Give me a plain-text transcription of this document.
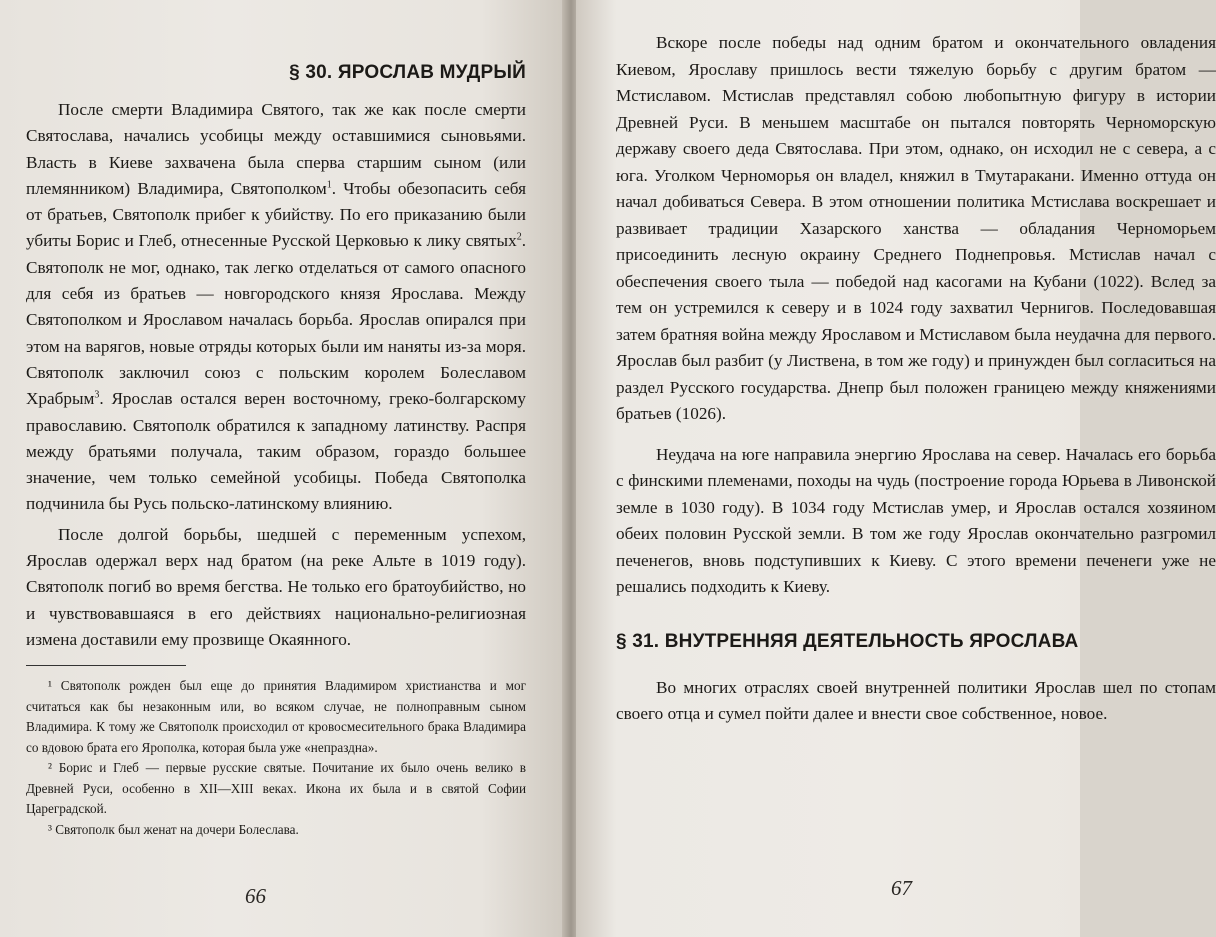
§ 30. ЯРОСЛАВ МУДРЫЙ

После смерти Владимира Святого, так же как после смерти Святослава, начались усобицы между оставшимися сыновьями. Власть в Киеве захвачена была сперва старшим сыном (или племянником) Владимира, Святополком$^1$. Чтобы обезопасить себя от братьев, Святополк прибег к убийству. По его приказанию были убиты Борис и Глеб, отнесенные Русской Церковью к лику святых$^2$. Святополк не мог, однако, так легко отделаться от самого опасного для себя из братьев — новгородского князя Ярослава. Между Святополком и Ярославом началась борьба. Ярослав опирался при этом на варягов, новые отряды которых были им наняты из-за моря. Святополк заключил союз с польским королем Болеславом Храбрым$^3$. Ярослав остался верен восточному, греко-болгарскому православию. Святополк обратился к западному латинству. Распря между братьями получала, таким образом, гораздо большее значение, чем только семейной усобицы. Победа Святополка подчинила бы Русь польско-латинскому влиянию.

После долгой борьбы, шедшей с переменным успехом, Ярослав одержал верх над братом (на реке Альте в 1019 году). Святополк погиб во время бегства. Не только его братоубийство, но и чувствовавшаяся в его действиях национально-религиозная измена доставили ему прозвище Окаянного.

¹ Святополк рожден был еще до принятия Владимиром христианства и мог считаться как бы незаконным или, во всяком случае, не полноправным сыном Владимира. К тому же Святополк происходил от кровосмесительного брака Владимира со вдовою брата его Ярополка, которая была уже «непраздна».

² Борис и Глеб — первые русские святые. Почитание их было очень велико в Древней Руси, особенно в XII—XIII веках. Икона их была и в святой Софии Цареградской.

³ Святополк был женат на дочери Болеслава.

66

Вскоре после победы над одним братом и окончательного овладения Киевом, Ярославу пришлось вести тяжелую борьбу с другим братом — Мстиславом. Мстислав представлял собою любопытную фигуру в истории Древней Руси. В меньшем масштабе он пытался повторять Черноморскую державу своего деда Святослава. При этом, однако, он исходил не с севера, а с юга. Уголком Черноморья он владел, княжил в Тмутаракани. Именно оттуда он начал добиваться Севера. В этом отношении политика Мстислава воскрешает и развивает традиции Хазарского ханства — обладания Черноморьем присоединить лесную окраину Среднего Поднепровья. Мстислав начал с обеспечения своего тыла — победой над касогами на Кубани (1022). Вслед за тем он устремился к северу и в 1024 году захватил Чернигов. Последовавшая затем братняя война между Ярославом и Мстиславом была неудачна для первого. Ярослав был разбит (у Листвена, в том же году) и принужден был согласиться на раздел Русского государства. Днепр был положен границею между княжениями братьев (1026).

Неудача на юге направила энергию Ярослава на север. Началась его борьба с финскими племенами, походы на чудь (построение города Юрьева в Ливонской земле в 1030 году). В 1034 году Мстислав умер, и Ярослав остался хозяином обеих половин Русской земли. В том же году Ярослав окончательно разгромил печенегов, вновь подступивших к Киеву. С этого времени печенеги уже не решались подходить к Киеву.

§ 31. ВНУТРЕННЯЯ ДЕЯТЕЛЬНОСТЬ ЯРОСЛАВА

Во многих отраслях своей внутренней политики Ярослав шел по стопам своего отца и сумел пойти далее и внести свое собственное, новое.

67
